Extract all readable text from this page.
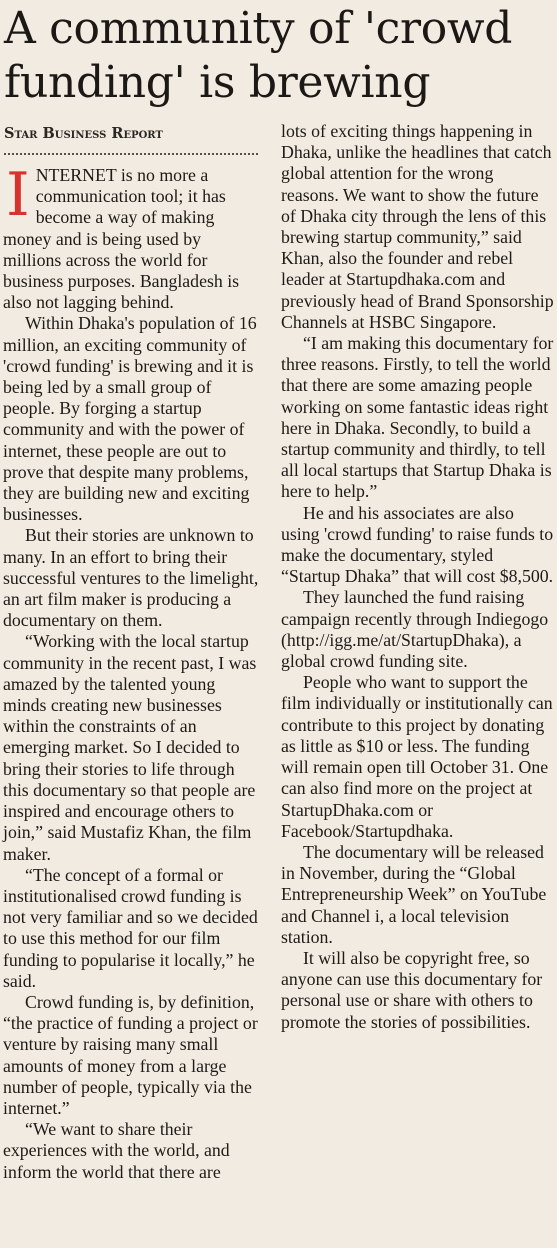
A community of 'crowd funding' is brewing
Star Business Report

INTERNET is no more a communication tool; it has become a way of making money and is being used by millions across the world for business purposes. Bangladesh is also not lagging behind.

Within Dhaka's population of 16 million, an exciting community of 'crowd funding' is brewing and it is being led by a small group of people. By forging a startup community and with the power of internet, these people are out to prove that despite many problems, they are building new and exciting businesses.

But their stories are unknown to many. In an effort to bring their successful ventures to the limelight, an art film maker is producing a documentary on them.

“Working with the local startup community in the recent past, I was amazed by the talented young minds creating new businesses within the constraints of an emerging market. So I decided to bring their stories to life through this documentary so that people are inspired and encourage others to join,” said Mustafiz Khan, the film maker.

“The concept of a formal or institutionalised crowd funding is not very familiar and so we decided to use this method for our film funding to popularise it locally,” he said.

Crowd funding is, by definition, “the practice of funding a project or venture by raising many small amounts of money from a large number of people, typically via the internet.”

“We want to share their experiences with the world, and inform the world that there are

lots of exciting things happening in Dhaka, unlike the headlines that catch global attention for the wrong reasons. We want to show the future of Dhaka city through the lens of this brewing startup community,” said Khan, also the founder and rebel leader at Startupdhaka.com and previously head of Brand Sponsorship Channels at HSBC Singapore.

“I am making this documentary for three reasons. Firstly, to tell the world that there are some amazing people working on some fantastic ideas right here in Dhaka. Secondly, to build a startup community and thirdly, to tell all local startups that Startup Dhaka is here to help.”

He and his associates are also using 'crowd funding' to raise funds to make the documentary, styled “Startup Dhaka” that will cost $8,500.

They launched the fund raising campaign recently through Indiegogo (http://igg.me/at/StartupDhaka), a global crowd funding site.

People who want to support the film individually or institutionally can contribute to this project by donating as little as $10 or less. The funding will remain open till October 31. One can also find more on the project at StartupDhaka.com or Facebook/Startupdhaka.

The documentary will be released in November, during the “Global Entrepreneurship Week” on YouTube and Channel i, a local television station.

It will also be copyright free, so anyone can use this documentary for personal use or share with others to promote the stories of possibilities.
